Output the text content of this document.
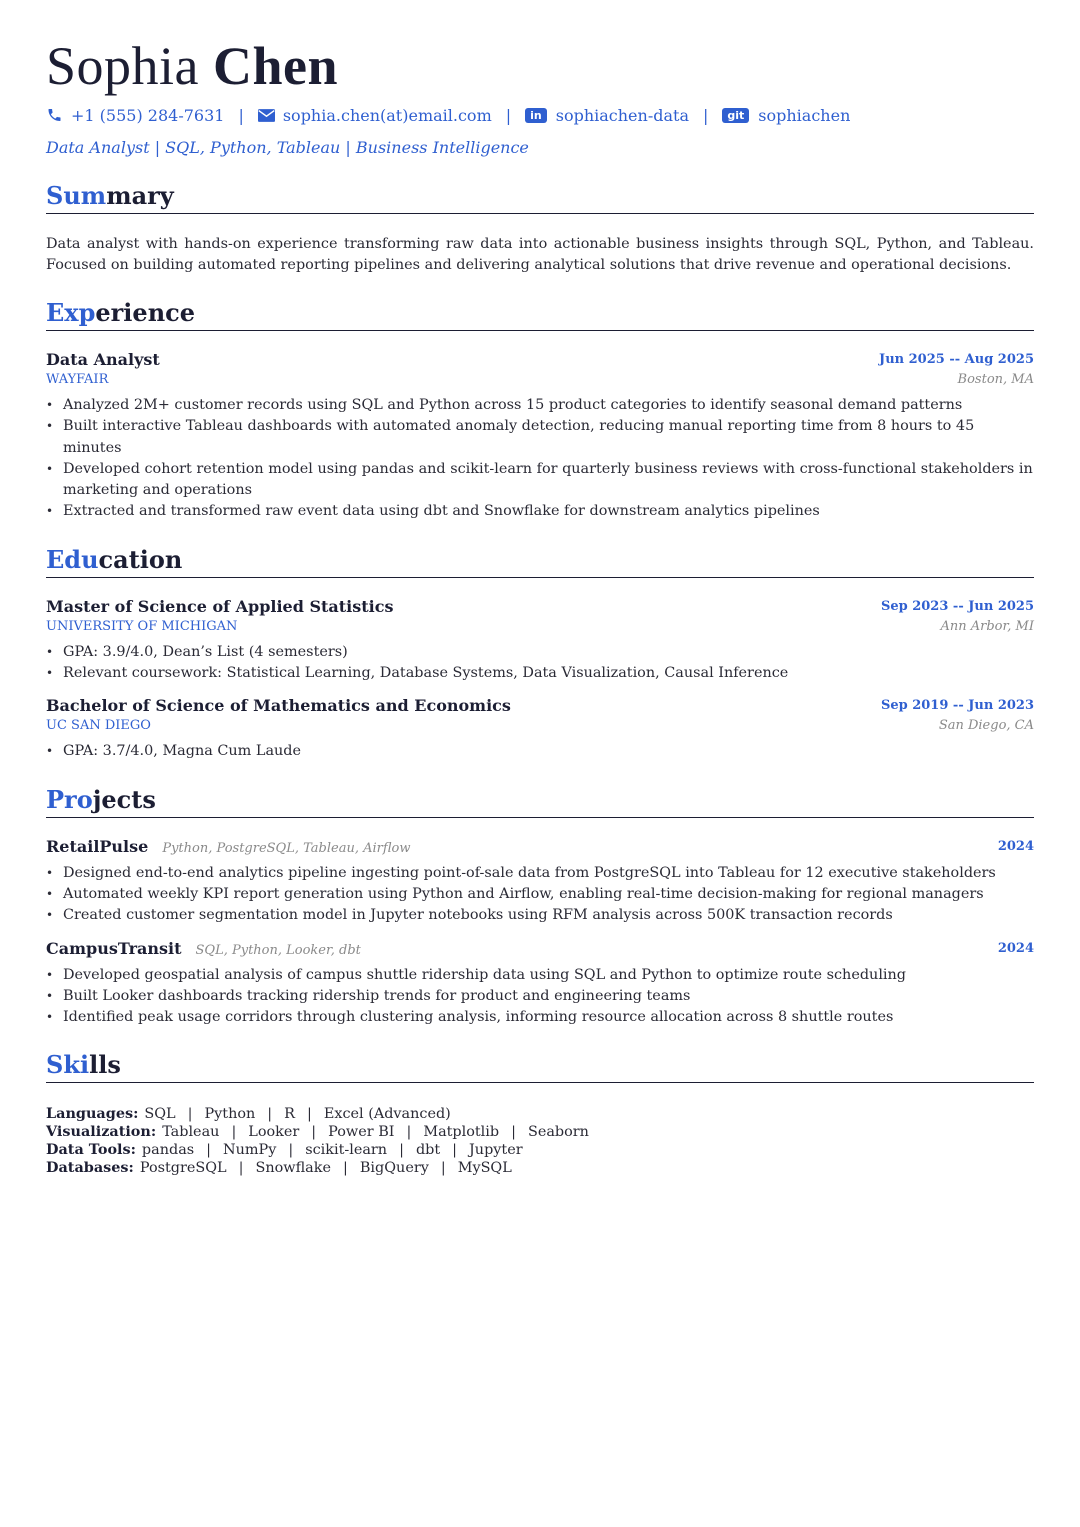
Sophia Chen
+1 (555) 284-7631 | sophia.chen(at)email.com |	in sophiachen-data |	git sophiachen
Data Analyst | SQL, Python, Tableau | Business Intelligence
Summary
Data analyst with hands-on experience transforming raw data into actionable business insights through SQL, Python, and Tableau. Focused on building automated reporting pipelines and delivering analytical solutions that drive revenue and operational decisions.
Experience
Data Analyst	Jun 2025 -- Aug 2025
WAYFAIR	Boston, MA
• Analyzed 2M+ customer records using SQL and Python across 15 product categories to identify seasonal demand patterns
• Built interactive Tableau dashboards with automated anomaly detection, reducing manual reporting time from 8 hours to 45 minutes
• Developed cohort retention model using pandas and scikit-learn for quarterly business reviews with cross-functional stakeholders in marketing and operations
• Extracted and transformed raw event data using dbt and Snowflake for downstream analytics pipelines
Education
Master of Science of Applied Statistics	Sep 2023 -- Jun 2025
UNIVERSITY OF MICHIGAN	Ann Arbor, MI
• GPA: 3.9/4.0, Dean’s List (4 semesters)
• Relevant coursework: Statistical Learning, Database Systems, Data Visualization, Causal Inference
Bachelor of Science of Mathematics and Economics	Sep 2019 -- Jun 2023
UC SAN DIEGO	San Diego, CA
• GPA: 3.7/4.0, Magna Cum Laude
Projects
RetailPulse Python, PostgreSQL, Tableau, Airflow	2024
• Designed end-to-end analytics pipeline ingesting point-of-sale data from PostgreSQL into Tableau for 12 executive stakeholders
• Automated weekly KPI report generation using Python and Airflow, enabling real-time decision-making for regional managers
• Created customer segmentation model in Jupyter notebooks using RFM analysis across 500K transaction records
CampusTransit SQL, Python, Looker, dbt	2024
• Developed geospatial analysis of campus shuttle ridership data using SQL and Python to optimize route scheduling
• Built Looker dashboards tracking ridership trends for product and engineering teams
• Identified peak usage corridors through clustering analysis, informing resource allocation across 8 shuttle routes
Skills
Languages: SQL | Python | R | Excel (Advanced)
Visualization: Tableau | Looker | Power BI | Matplotlib | Seaborn
Data Tools: pandas | NumPy | scikit-learn | dbt | Jupyter
Databases: PostgreSQL | Snowflake | BigQuery | MySQL
